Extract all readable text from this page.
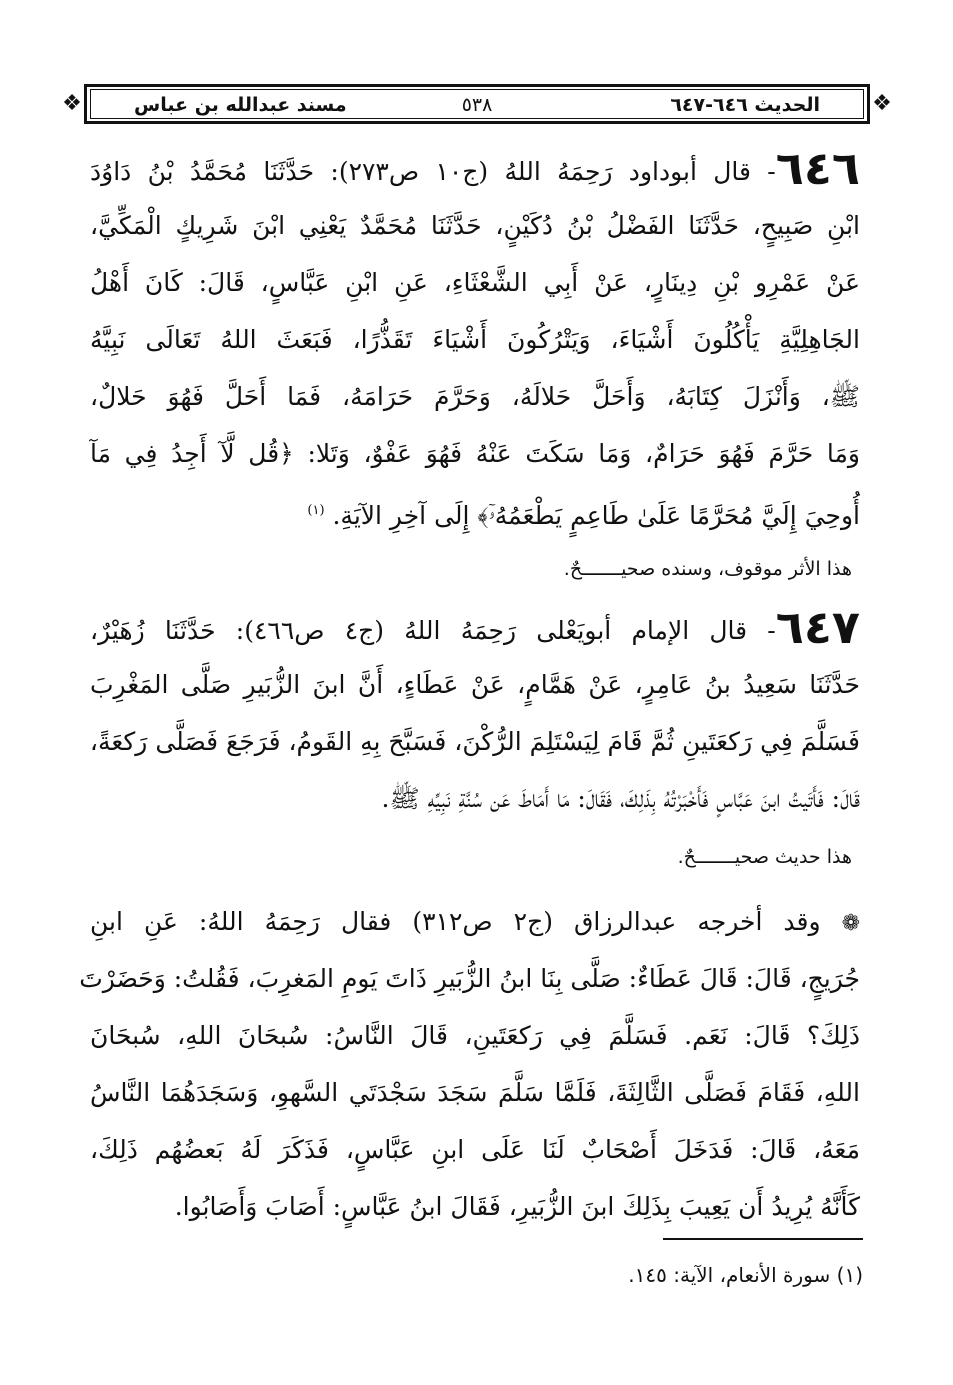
❖	❖
الحديث ٦٤٦-٦٤٧
٥٣٨
مسند عبدالله بن عباس
٦٤٦- قال أبوداود رَحِمَهُ اللهُ (ج١٠ ص٢٧٣): حَدَّثَنَا مُحَمَّدُ بْنُ دَاوُدَ
ابْنِ صَبِيحٍ، حَدَّثَنَا الفَضْلُ بْنُ دُكَيْنٍ، حَدَّثَنَا مُحَمَّدٌ يَعْنِي ابْنَ شَرِيكٍ الْمَكِّيَّ،
عَنْ عَمْرِو بْنِ دِينَارٍ، عَنْ أَبِي الشَّعْثَاءِ، عَنِ ابْنِ عَبَّاسٍ، قَالَ: كَانَ أَهْلُ
الجَاهِلِيَّةِ يَأْكُلُونَ أَشْيَاءَ، وَيَتْرُكُونَ أَشْيَاءَ تَقَذُّرًا، فَبَعَثَ اللهُ تَعَالَى نَبِيَّهُ
ﷺ، وَأَنْزَلَ كِتَابَهُ، وَأَحَلَّ حَلالَهُ، وَحَرَّمَ حَرَامَهُ، فَمَا أَحَلَّ فَهُوَ حَلالٌ،
وَمَا حَرَّمَ فَهُوَ حَرَامٌ، وَمَا سَكَتَ عَنْهُ فَهُوَ عَفْوٌ، وَتَلا: ﴿قُل لَّآ أَجِدُ فِي مَآ
أُوحِيَ إِلَيَّ مُحَرَّمًا عَلَىٰ طَاعِمٍ يَطْعَمُهُۥٓ﴾ إِلَى آخِرِ الآيَةِ. $^{(١)}$
هذا الأثر موقوف، وسنده صحيـــــــحٌ.
٦٤٧- قال الإمام أبويَعْلى رَحِمَهُ اللهُ (ج٤ ص٤٦٦): حَدَّثَنَا زُهَيْرٌ،
حَدَّثَنَا سَعِيدُ بنُ عَامِرٍ، عَنْ هَمَّامٍ، عَنْ عَطَاءٍ، أَنَّ ابنَ الزُّبَيرِ صَلَّى المَغْرِبَ
فَسَلَّمَ فِي رَكعَتَينِ ثُمَّ قَامَ لِيَسْتَلِمَ الرُّكْنَ، فَسَبَّحَ بِهِ القَومُ، فَرَجَعَ فَصَلَّى رَكعَةً،
قَالَ: فَأَتَيتُ ابنَ عَبَّاسٍ فَأَخْبَرْتُهُ بِذَلِكَ، فَقَالَ: مَا أَمَاطَ عَن سُنَّةِ نَبِيِّهِ ﷺ.
هذا حديث صحيـــــــحٌ.
❁ وقد أخرجه عبدالرزاق (ج٢ ص٣١٢) فقال رَحِمَهُ اللهُ: عَنِ ابنِ
جُرَيجٍ، قَالَ: قَالَ عَطَاءٌ: صَلَّى بِنَا ابنُ الزُّبَيرِ ذَاتَ يَومِ المَغرِبَ، فَقُلتُ: وَحَضَرْتَ
ذَلِكَ؟ قَالَ: نَعَم. فَسَلَّمَ فِي رَكعَتَينِ، قَالَ النَّاسُ: سُبحَانَ اللهِ، سُبحَانَ
اللهِ، فَقَامَ فَصَلَّى الثَّالِثَةَ، فَلَمَّا سَلَّمَ سَجَدَ سَجْدَتَي السَّهوِ، وَسَجَدَهُمَا النَّاسُ
مَعَهُ، قَالَ: فَدَخَلَ أَصْحَابٌ لَنَا عَلَى ابنِ عَبَّاسٍ، فَذَكَرَ لَهُ بَعضُهُم ذَلِكَ،
كَأَنَّهُ يُرِيدُ أَن يَعِيبَ بِذَلِكَ ابنَ الزُّبَيرِ، فَقَالَ ابنُ عَبَّاسٍ: أَصَابَ وَأَصَابُوا.
(١) سورة الأنعام، الآية: ١٤٥.
